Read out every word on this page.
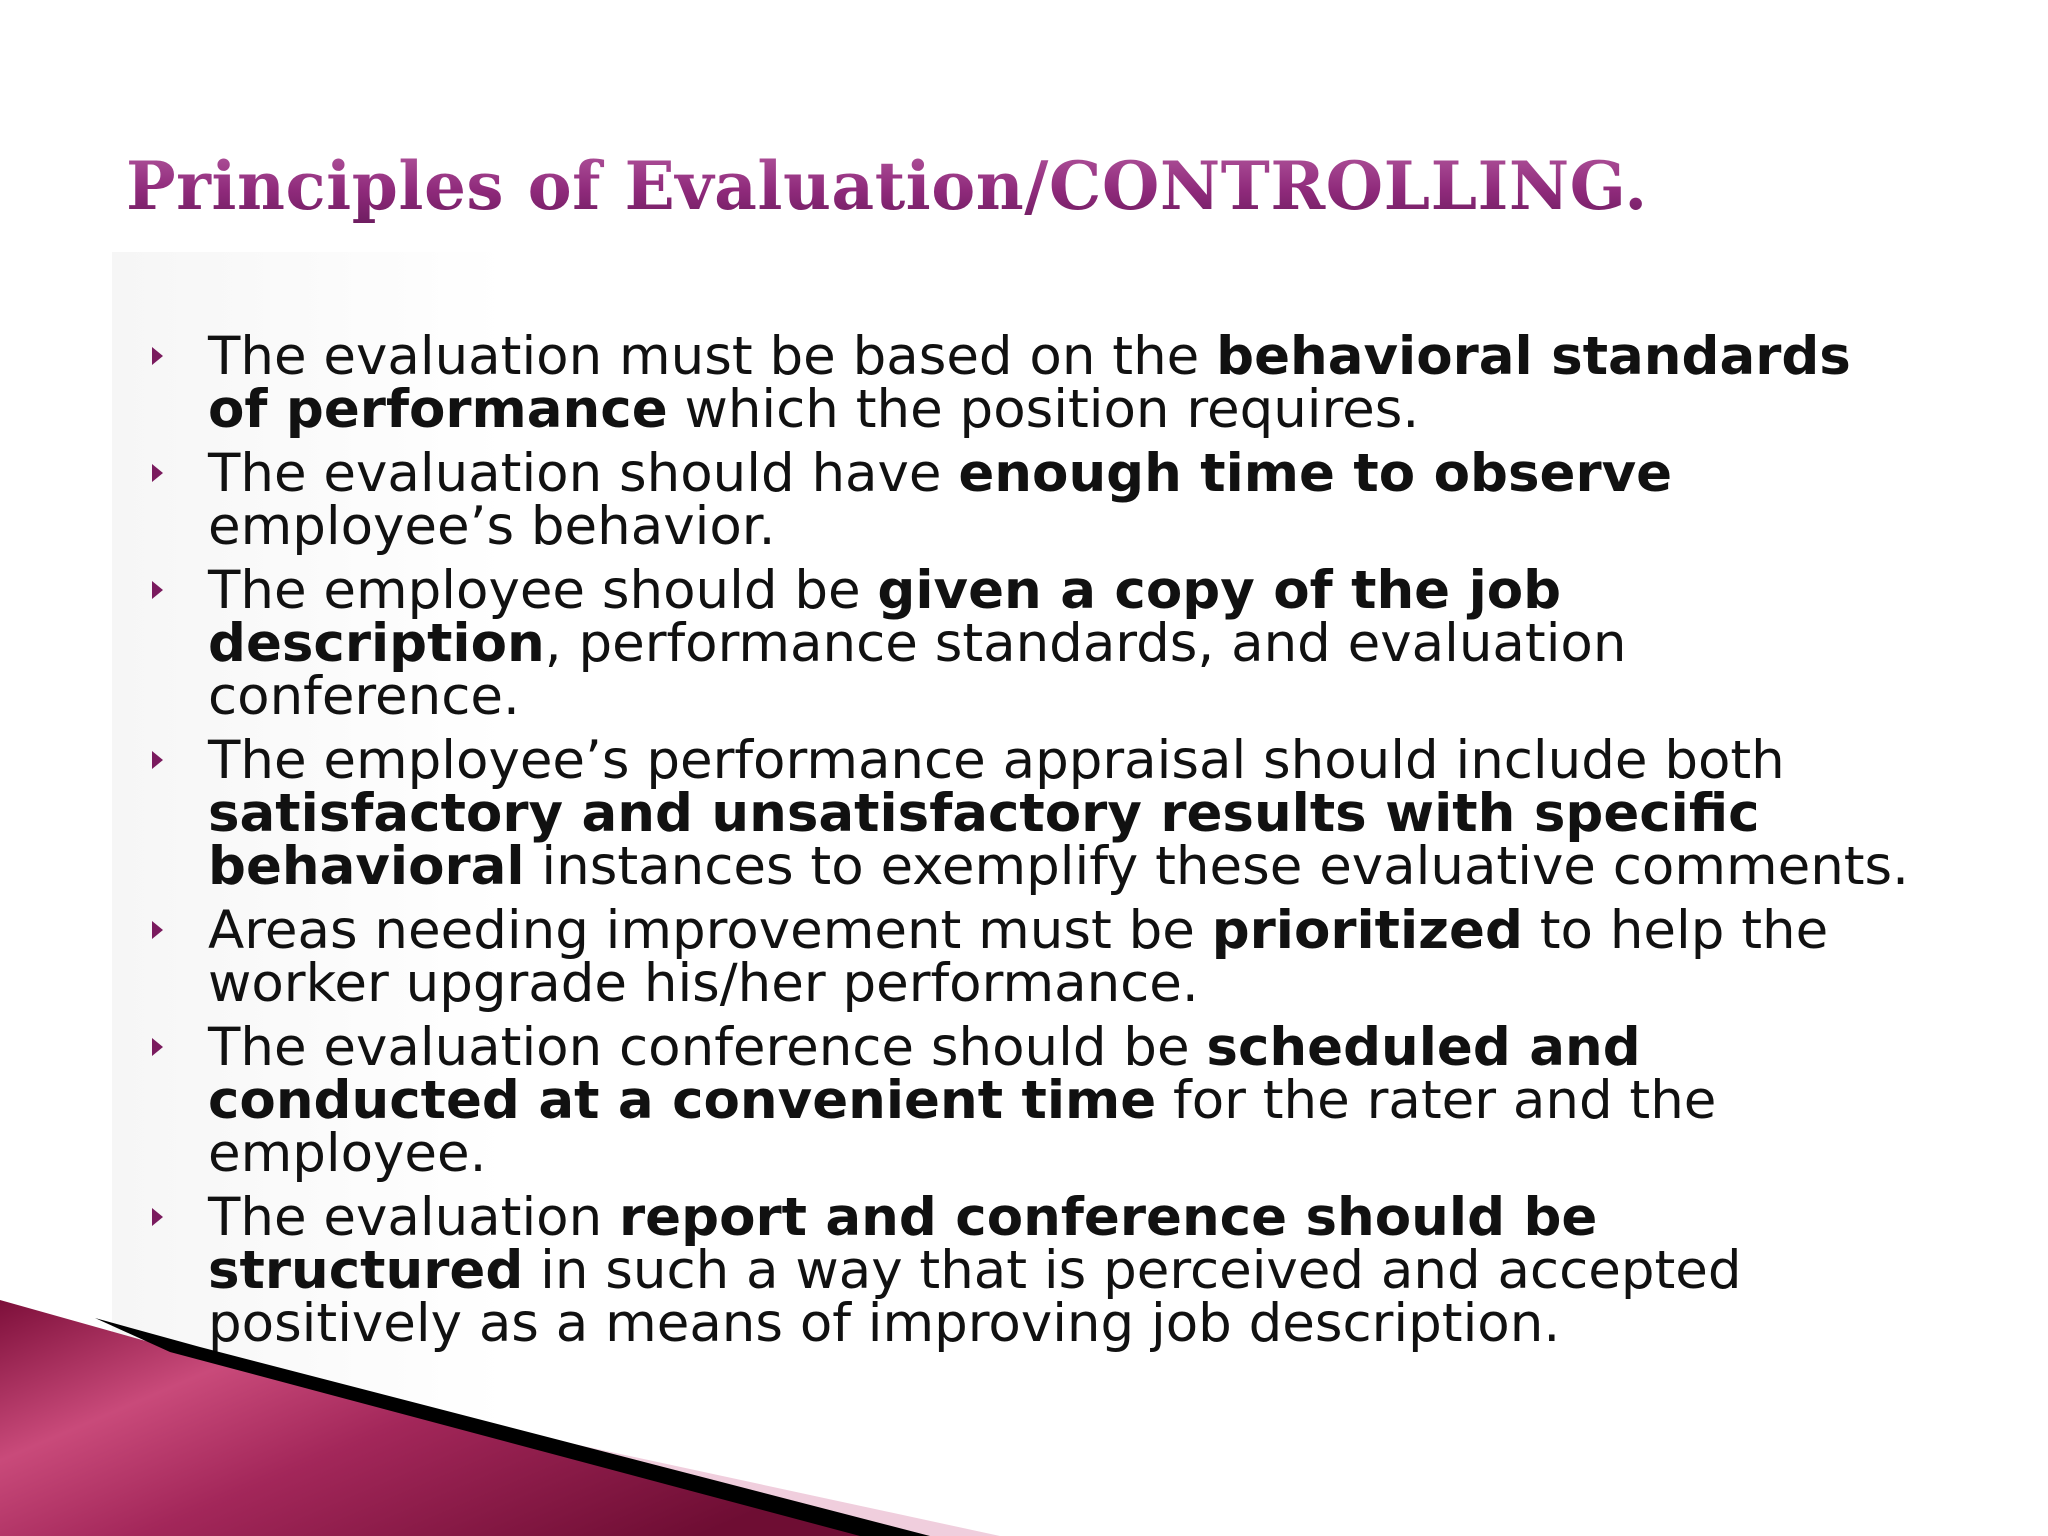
Principles of Evaluation/CONTROLLING.
The evaluation must be based on the behavioral standards of performance which the position requires.
The evaluation should have enough time to observe employee’s behavior.
The employee should be given a copy of the job description, performance standards, and evaluation conference.
The employee’s performance appraisal should include both satisfactory and unsatisfactory results with specific behavioral instances to exemplify these evaluative comments.
Areas needing improvement must be prioritized to help the worker upgrade his/her performance.
The evaluation conference should be scheduled and conducted at a convenient time for the rater and the employee.
The evaluation report and conference should be structured in such a way that is perceived and accepted positively as a means of improving job description.
